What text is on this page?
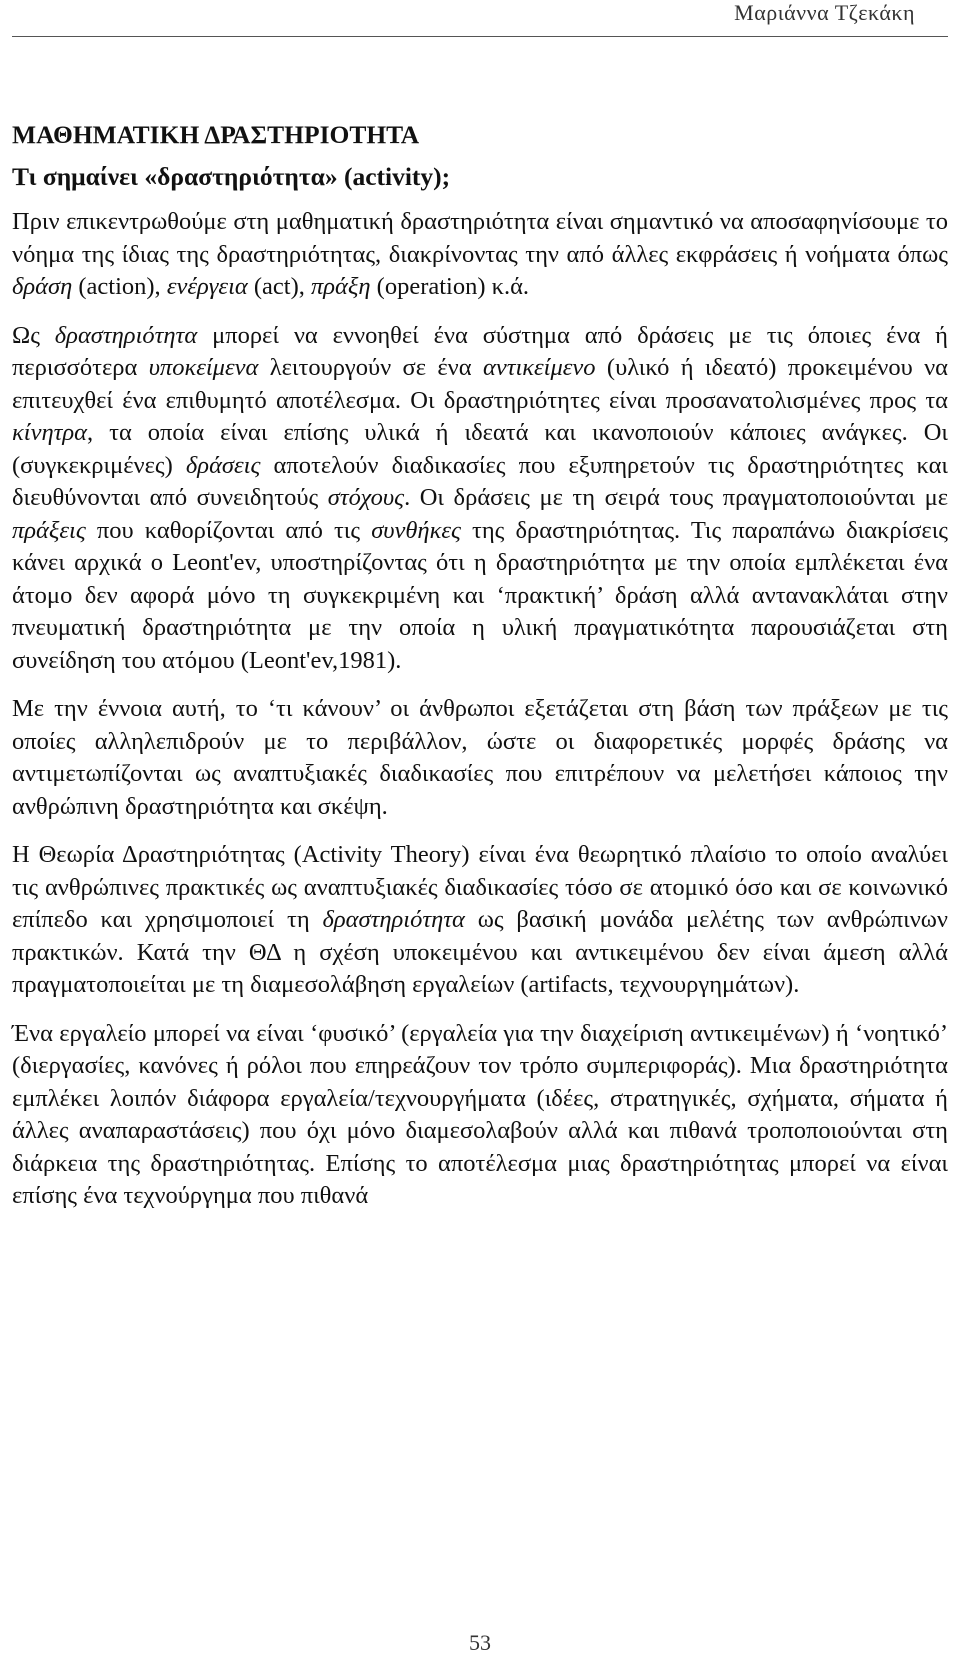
Μαριάννα Τζεκάκη
ΜΑΘΗΜΑΤΙΚΗ ΔΡΑΣΤΗΡΙΟΤΗΤΑ
Τι σημαίνει «δραστηριότητα» (activity);

Πριν επικεντρωθούμε στη μαθηματική δραστηριότητα είναι σημαντικό να αποσαφηνίσουμε το νόημα της ίδιας της δραστηριότητας, διακρίνοντας την από άλλες εκφράσεις ή νοήματα όπως δράση (action), ενέργεια (act), πράξη (operation) κ.ά.

Ως δραστηριότητα μπορεί να εννοηθεί ένα σύστημα από δράσεις με τις όποιες ένα ή περισσότερα υποκείμενα λειτουργούν σε ένα αντικείμενο (υλικό ή ιδεατό) προκειμένου να επιτευχθεί ένα επιθυμητό αποτέλεσμα. Οι δραστηριότητες είναι προσανατολισμένες προς τα κίνητρα, τα οποία είναι επίσης υλικά ή ιδεατά και ικανοποιούν κάποιες ανάγκες. Οι (συγκεκριμένες) δράσεις αποτελούν διαδικασίες που εξυπηρετούν τις δραστηριότητες και διευθύνονται από συνειδητούς στόχους. Οι δράσεις με τη σειρά τους πραγματοποιούνται με πράξεις που καθορίζονται από τις συνθήκες της δραστηριότητας. Τις παραπάνω διακρίσεις κάνει αρχικά ο Leont'ev, υποστηρίζοντας ότι η δραστηριότητα με την οποία εμπλέκεται ένα άτομο δεν αφορά μόνο τη συγκεκριμένη και ‘πρακτική’ δράση αλλά αντανακλάται στην πνευματική δραστηριότητα με την οποία η υλική πραγματικότητα παρουσιάζεται στη συνείδηση του ατόμου (Leont'ev,1981).

Με την έννοια αυτή, το ‘τι κάνουν’ οι άνθρωποι εξετάζεται στη βάση των πράξεων με τις οποίες αλληλεπιδρούν με το περιβάλλον, ώστε οι διαφορετικές μορφές δράσης να αντιμετωπίζονται ως αναπτυξιακές διαδικασίες που επιτρέπουν να μελετήσει κάποιος την ανθρώπινη δραστηριότητα και σκέψη.

Η Θεωρία Δραστηριότητας (Activity Theory) είναι ένα θεωρητικό πλαίσιο το οποίο αναλύει τις ανθρώπινες πρακτικές ως αναπτυξιακές διαδικασίες τόσο σε ατομικό όσο και σε κοινωνικό επίπεδο και χρησιμοποιεί τη δραστηριότητα ως βασική μονάδα μελέτης των ανθρώπινων πρακτικών. Κατά την ΘΔ η σχέση υποκειμένου και αντικειμένου δεν είναι άμεση αλλά πραγματοποιείται με τη διαμεσολάβηση εργαλείων (artifacts, τεχνουργημάτων).

Ένα εργαλείο μπορεί να είναι ‘φυσικό’ (εργαλεία για την διαχείριση αντικειμένων) ή ‘νοητικό’ (διεργασίες, κανόνες ή ρόλοι που επηρεάζουν τον τρόπο συμπεριφοράς). Μια δραστηριότητα εμπλέκει λοιπόν διάφορα εργαλεία/τεχνουργήματα (ιδέες, στρατηγικές, σχήματα, σήματα ή άλλες αναπαραστάσεις) που όχι μόνο διαμεσολαβούν αλλά και πιθανά τροποποιούνται στη διάρκεια της δραστηριότητας. Επίσης το αποτέλεσμα μιας δραστηριότητας μπορεί να είναι επίσης ένα τεχνούργημα που πιθανά

53
